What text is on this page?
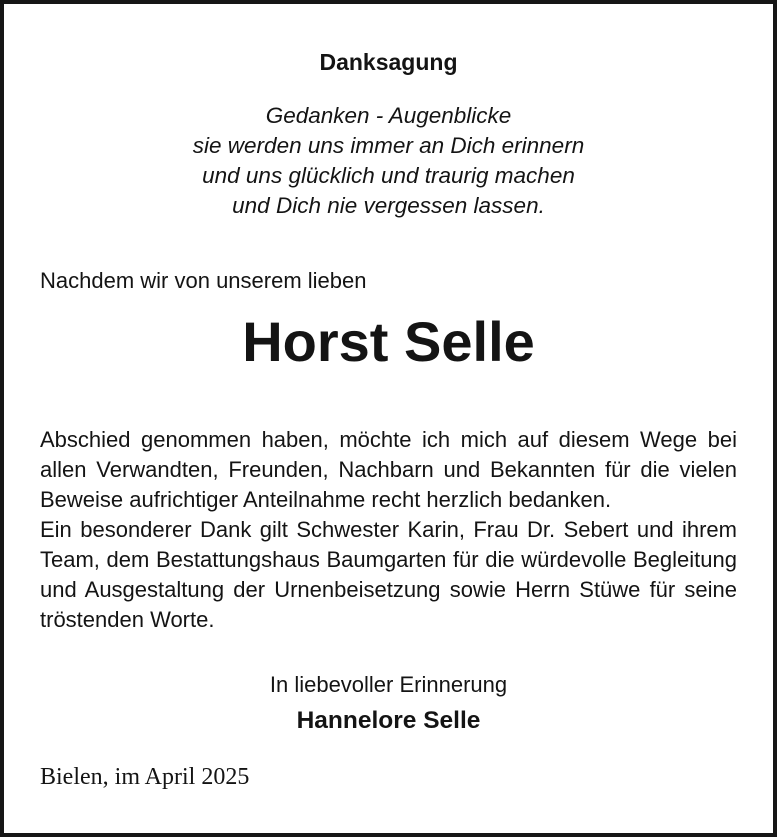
Danksagung
Gedanken - Augenblicke
sie werden uns immer an Dich erinnern
und uns glücklich und traurig machen
und Dich nie vergessen lassen.
Nachdem wir von unserem lieben
Horst Selle

Abschied genommen haben, möchte ich mich auf diesem Wege bei allen Verwandten, Freunden, Nachbarn und Bekannten für die vielen Beweise aufrichtiger Anteilnahme recht herzlich bedanken.

Ein besonderer Dank gilt Schwester Karin, Frau Dr. Sebert und ihrem Team, dem Bestattungshaus Baumgarten für die würdevolle Begleitung und Ausgestaltung der Urnenbeisetzung sowie Herrn Stüwe für seine tröstenden Worte.

In liebevoller Erinnerung
Hannelore Selle
Bielen, im April 2025
